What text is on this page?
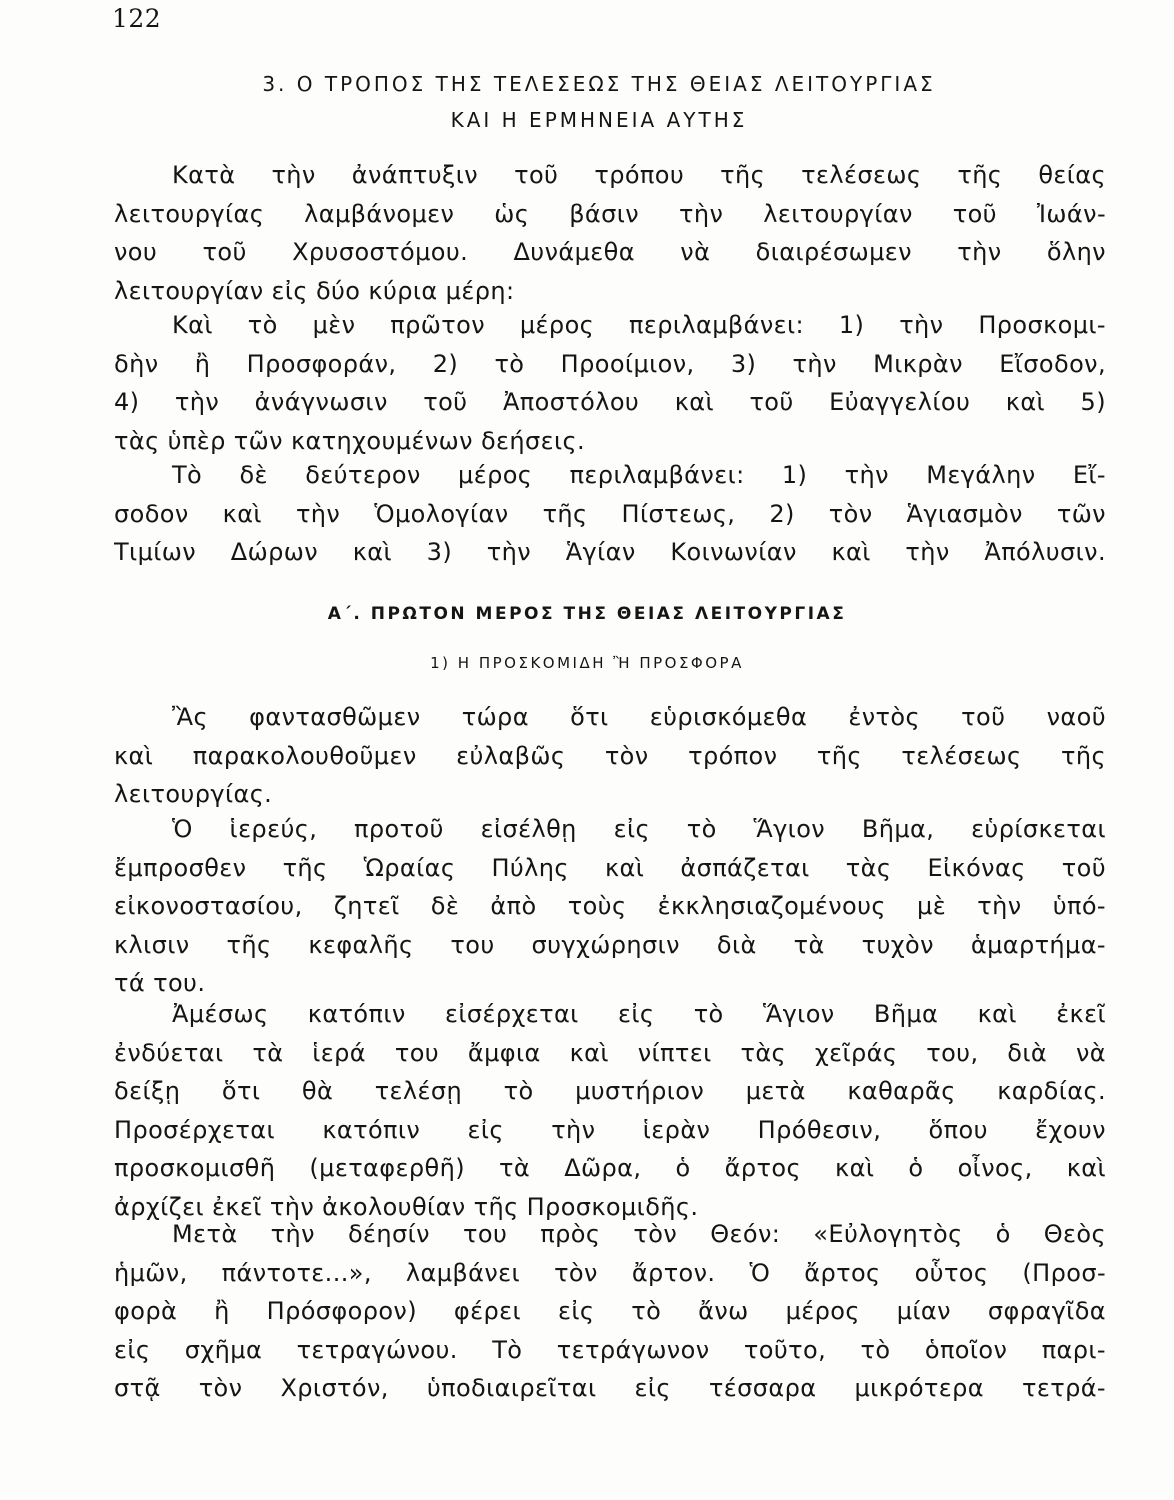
122
3. Ο ΤΡΟΠΟΣ ΤΗΣ ΤΕΛΕΣΕΩΣ ΤΗΣ ΘΕΙΑΣ ΛΕΙΤΟΥΡΓΙΑΣ
ΚΑΙ Η ΕΡΜΗΝΕΙΑ ΑΥΤΗΣ
Κατὰ τὴν ἀνάπτυξιν τοῦ τρόπου τῆς τελέσεως τῆς θείας
λειτουργίας λαμβάνομεν ὡς βάσιν τὴν λειτουργίαν τοῦ Ἰωάν-
νου τοῦ Χρυσοστόμου. Δυνάμεθα νὰ διαιρέσωμεν τὴν ὅλην
λειτουργίαν εἰς δύο κύρια μέρη:
Καὶ τὸ μὲν πρῶτον μέρος περιλαμβάνει: 1) τὴν Προσκομι-
δὴν ἢ Προσφοράν, 2) τὸ Προοίμιον, 3) τὴν Μικρὰν Εἴσοδον,
4) τὴν ἀνάγνωσιν τοῦ Ἀποστόλου καὶ τοῦ Εὐαγγελίου καὶ 5)
τὰς ὑπὲρ τῶν κατηχουμένων δεήσεις.
Τὸ δὲ δεύτερον μέρος περιλαμβάνει: 1) τὴν Μεγάλην Εἴ-
σοδον καὶ τὴν Ὁμολογίαν τῆς Πίστεως, 2) τὸν Ἁγιασμὸν τῶν
Τιμίων Δώρων καὶ 3) τὴν Ἁγίαν Κοινωνίαν καὶ τὴν Ἀπόλυσιν.
Α΄. ΠΡΩΤΟΝ ΜΕΡΟΣ ΤΗΣ ΘΕΙΑΣ ΛΕΙΤΟΥΡΓΙΑΣ
1) Η ΠΡΟΣΚΟΜΙΔΗ Ἢ ΠΡΟΣΦΟΡΑ
Ἂς φαντασθῶμεν τώρα ὅτι εὑρισκόμεθα ἐντὸς τοῦ ναοῦ
καὶ παρακολουθοῦμεν εὐλαβῶς τὸν τρόπον τῆς τελέσεως τῆς
λειτουργίας.
Ὁ ἱερεύς, προτοῦ εἰσέλθῃ εἰς τὸ Ἅγιον Βῆμα, εὑρίσκεται
ἔμπροσθεν τῆς Ὡραίας Πύλης καὶ ἀσπάζεται τὰς Εἰκόνας τοῦ
εἰκονοστασίου, ζητεῖ δὲ ἀπὸ τοὺς ἐκκλησιαζομένους μὲ τὴν ὑπό-
κλισιν τῆς κεφαλῆς του συγχώρησιν διὰ τὰ τυχὸν ἁμαρτήμα-
τά του.
Ἀμέσως κατόπιν εἰσέρχεται εἰς τὸ Ἅγιον Βῆμα καὶ ἐκεῖ
ἐνδύεται τὰ ἱερά του ἄμφια καὶ νίπτει τὰς χεῖράς του, διὰ νὰ
δείξῃ ὅτι θὰ τελέσῃ τὸ μυστήριον μετὰ καθαρᾶς καρδίας.
Προσέρχεται κατόπιν εἰς τὴν ἱερὰν Πρόθεσιν, ὅπου ἔχουν
προσκομισθῆ (μεταφερθῆ) τὰ Δῶρα, ὁ ἄρτος καὶ ὁ οἶνος, καὶ
ἀρχίζει ἐκεῖ τὴν ἀκολουθίαν τῆς Προσκομιδῆς.
Μετὰ τὴν δέησίν του πρὸς τὸν Θεόν: «Εὐλογητὸς ὁ Θεὸς
ἡμῶν, πάντοτε...», λαμβάνει τὸν ἄρτον. Ὁ ἄρτος οὗτος (Προσ-
φορὰ ἢ Πρόσφορον) φέρει εἰς τὸ ἄνω μέρος μίαν σφραγῖδα
εἰς σχῆμα τετραγώνου. Τὸ τετράγωνον τοῦτο, τὸ ὁποῖον παρι-
στᾷ τὸν Χριστόν, ὑποδιαιρεῖται εἰς τέσσαρα μικρότερα τετρά-
